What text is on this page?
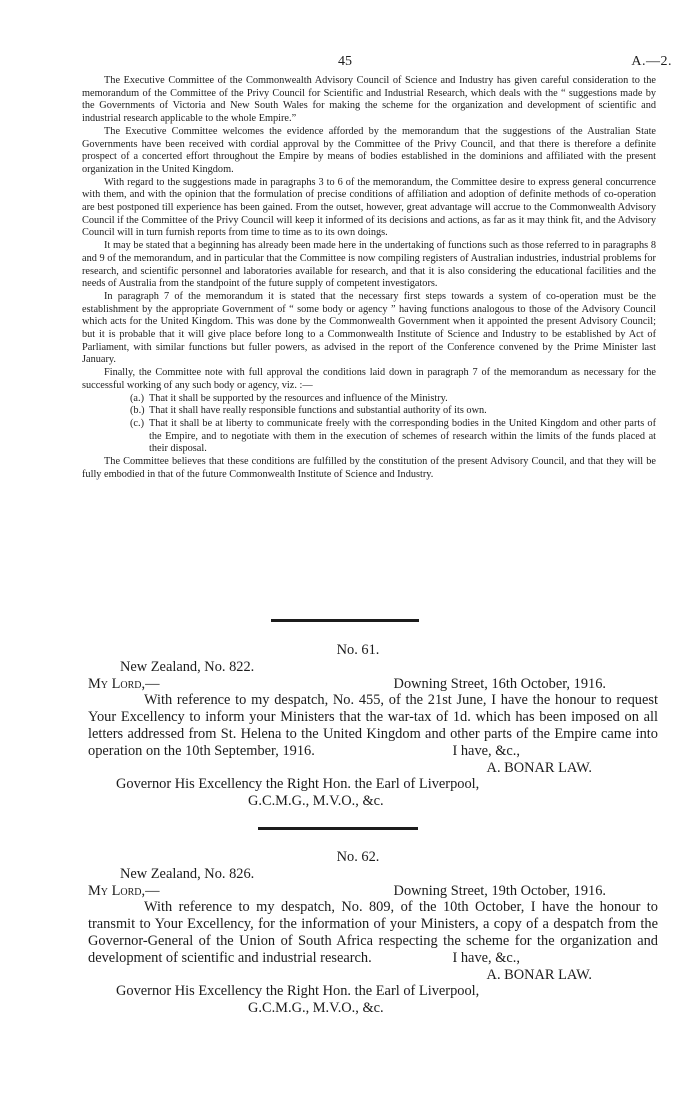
45	A.—2.

The Executive Committee of the Commonwealth Advisory Council of Science and Industry has given careful consideration to the memorandum of the Committee of the Privy Council for Scientific and Industrial Research, which deals with the “ suggestions made by the Governments of Victoria and New South Wales for making the scheme for the organization and development of scientific and industrial research applicable to the whole Empire.”

The Executive Committee welcomes the evidence afforded by the memorandum that the suggestions of the Australian State Governments have been received with cordial approval by the Committee of the Privy Council, and that there is therefore a definite prospect of a concerted effort throughout the Empire by means of bodies established in the dominions and affiliated with the present organization in the United Kingdom.

With regard to the suggestions made in paragraphs 3 to 6 of the memorandum, the Committee desire to express general concurrence with them, and with the opinion that the formulation of precise conditions of affiliation and adoption of definite methods of co-operation are best postponed till experience has been gained. From the outset, however, great advantage will accrue to the Commonwealth Advisory Council if the Committee of the Privy Council will keep it informed of its decisions and actions, as far as it may think fit, and the Advisory Council will in turn furnish reports from time to time as to its own doings.

It may be stated that a beginning has already been made here in the undertaking of functions such as those referred to in paragraphs 8 and 9 of the memorandum, and in particular that the Committee is now compiling registers of Australian industries, industrial problems for research, and scientific personnel and laboratories available for research, and that it is also considering the educational facilities and the needs of Australia from the standpoint of the future supply of competent investigators.

In paragraph 7 of the memorandum it is stated that the necessary first steps towards a system of co-operation must be the establishment by the appropriate Government of “ some body or agency ” having functions analogous to those of the Advisory Council which acts for the United Kingdom. This was done by the Commonwealth Government when it appointed the present Advisory Council; but it is probable that it will give place before long to a Commonwealth Institute of Science and Industry to be established by Act of Parliament, with similar functions but fuller powers, as advised in the report of the Conference convened by the Prime Minister last January.

Finally, the Committee note with full approval the conditions laid down in paragraph 7 of the memorandum as necessary for the successful working of any such body or agency, viz. :—

(a.) That it shall be supported by the resources and influence of the Ministry.
(b.) That it shall have really responsible functions and substantial authority of its own.
(c.) That it shall be at liberty to communicate freely with the corresponding bodies in the United Kingdom and other parts of the Empire, and to negotiate with them in the execution of schemes of research within the limits of the funds placed at their disposal.

The Committee believes that these conditions are fulfilled by the constitution of the present Advisory Council, and that they will be fully embodied in that of the future Commonwealth Institute of Science and Industry.

No. 61.
New Zealand, No. 822.
My Lord,—	Downing Street, 16th October, 1916.

With reference to my despatch, No. 455, of the 21st June, I have the honour to request Your Excellency to inform your Ministers that the war-tax of 1d. which has been imposed on all letters addressed from St. Helena to the United Kingdom and other parts of the Empire came into operation on the 10th September, 1916.	I have, &c.,
A. BONAR LAW.
Governor His Excellency the Right Hon. the Earl of Liverpool,
G.C.M.G., M.V.O., &c.
No. 62.
New Zealand, No. 826.
My Lord,—	Downing Street, 19th October, 1916.

With reference to my despatch, No. 809, of the 10th October, I have the honour to transmit to Your Excellency, for the information of your Ministers, a copy of a despatch from the Governor-General of the Union of South Africa respecting the scheme for the organization and development of scientific and industrial research.	I have, &c.,
A. BONAR LAW.
Governor His Excellency the Right Hon. the Earl of Liverpool,
G.C.M.G., M.V.O., &c.
